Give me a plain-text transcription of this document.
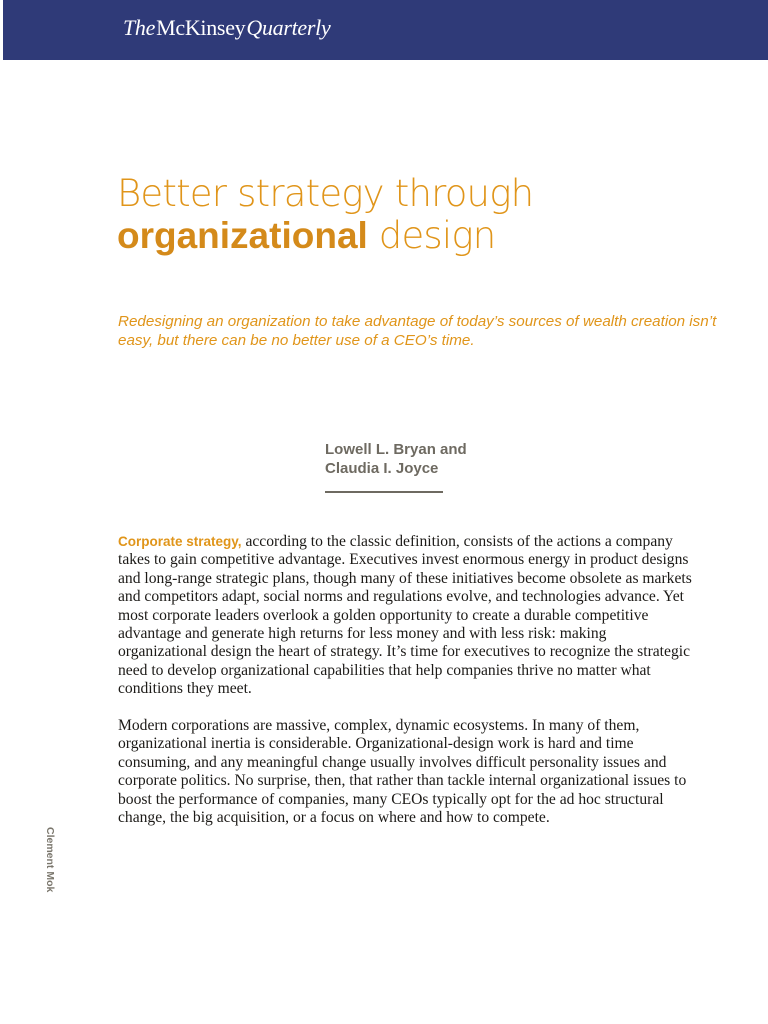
TheMcKinseyQuarterly
Better strategy through
organizational design

Redesigning an organization to take advantage of today’s sources of wealth creation isn’t easy, but there can be no better use of a CEO’s time.

Lowell L. Bryan and
Claudia I. Joyce

Corporate strategy, according to the classic definition, consists of the actions a company takes to gain competitive advantage. Executives invest enormous energy in product designs and long-range strategic plans, though many of these initiatives become obsolete as markets and competitors adapt, social norms and regulations evolve, and technologies advance. Yet most corporate leaders overlook a golden opportunity to create a durable competitive advantage and generate high returns for less money and with less risk: making organizational design the heart of strategy. It’s time for executives to recognize the strategic need to develop organizational capabilities that help companies thrive no matter what conditions they meet.

Modern corporations are massive, complex, dynamic ecosystems. In many of them, organizational inertia is considerable. Organizational-design work is hard and time consuming, and any meaningful change usually involves difficult personality issues and corporate politics. No surprise, then, that rather than tackle internal organizational issues to boost the performance of companies, many CEOs typically opt for the ad hoc structural change, the big acquisition, or a focus on where and how to compete.

Clement Mok
